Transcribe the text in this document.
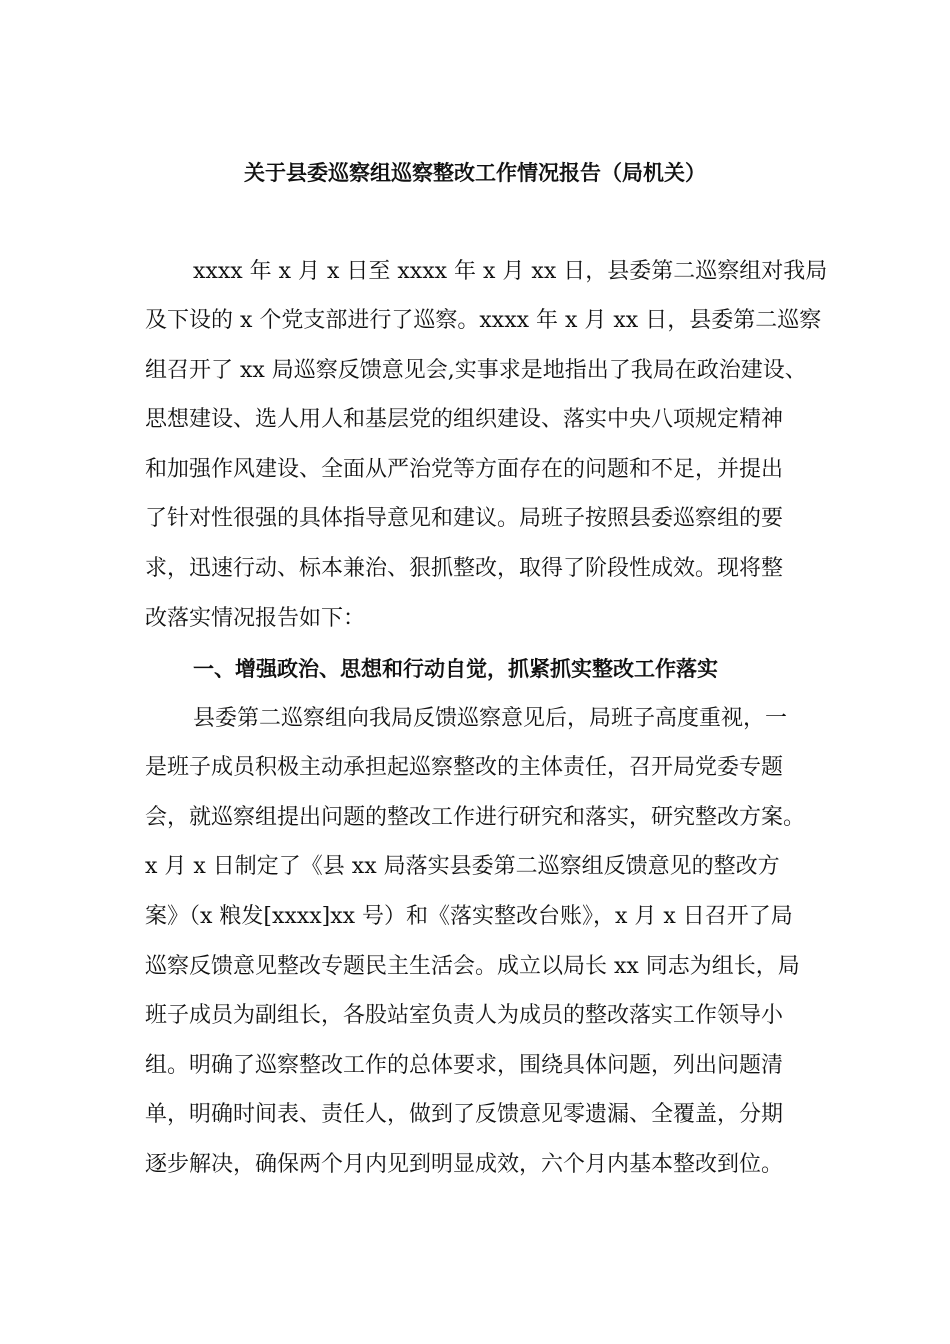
关于县委巡察组巡察整改工作情况报告（局机关）
xxxx 年 x 月 x 日至 xxxx 年 x 月 xx 日，县委第二巡察组对我局
及下设的 x 个党支部进行了巡察。xxxx 年 x 月 xx 日，县委第二巡察
组召开了 xx 局巡察反馈意见会,实事求是地指出了我局在政治建设、
思想建设、选人用人和基层党的组织建设、落实中央八项规定精神
和加强作风建设、全面从严治党等方面存在的问题和不足，并提出
了针对性很强的具体指导意见和建议。局班子按照县委巡察组的要
求，迅速行动、标本兼治、狠抓整改，取得了阶段性成效。现将整
改落实情况报告如下：
一、增强政治、思想和行动自觉，抓紧抓实整改工作落实
县委第二巡察组向我局反馈巡察意见后，局班子高度重视，一
是班子成员积极主动承担起巡察整改的主体责任，召开局党委专题
会，就巡察组提出问题的整改工作进行研究和落实，研究整改方案。
x 月 x 日制定了《县 xx 局落实县委第二巡察组反馈意见的整改方
案》（x 粮发[xxxx]xx 号）和《落实整改台账》，x 月 x 日召开了局
巡察反馈意见整改专题民主生活会。成立以局长 xx 同志为组长，局
班子成员为副组长，各股站室负责人为成员的整改落实工作领导小
组。明确了巡察整改工作的总体要求，围绕具体问题，列出问题清
单，明确时间表、责任人，做到了反馈意见零遗漏、全覆盖，分期
逐步解决，确保两个月内见到明显成效，六个月内基本整改到位。
